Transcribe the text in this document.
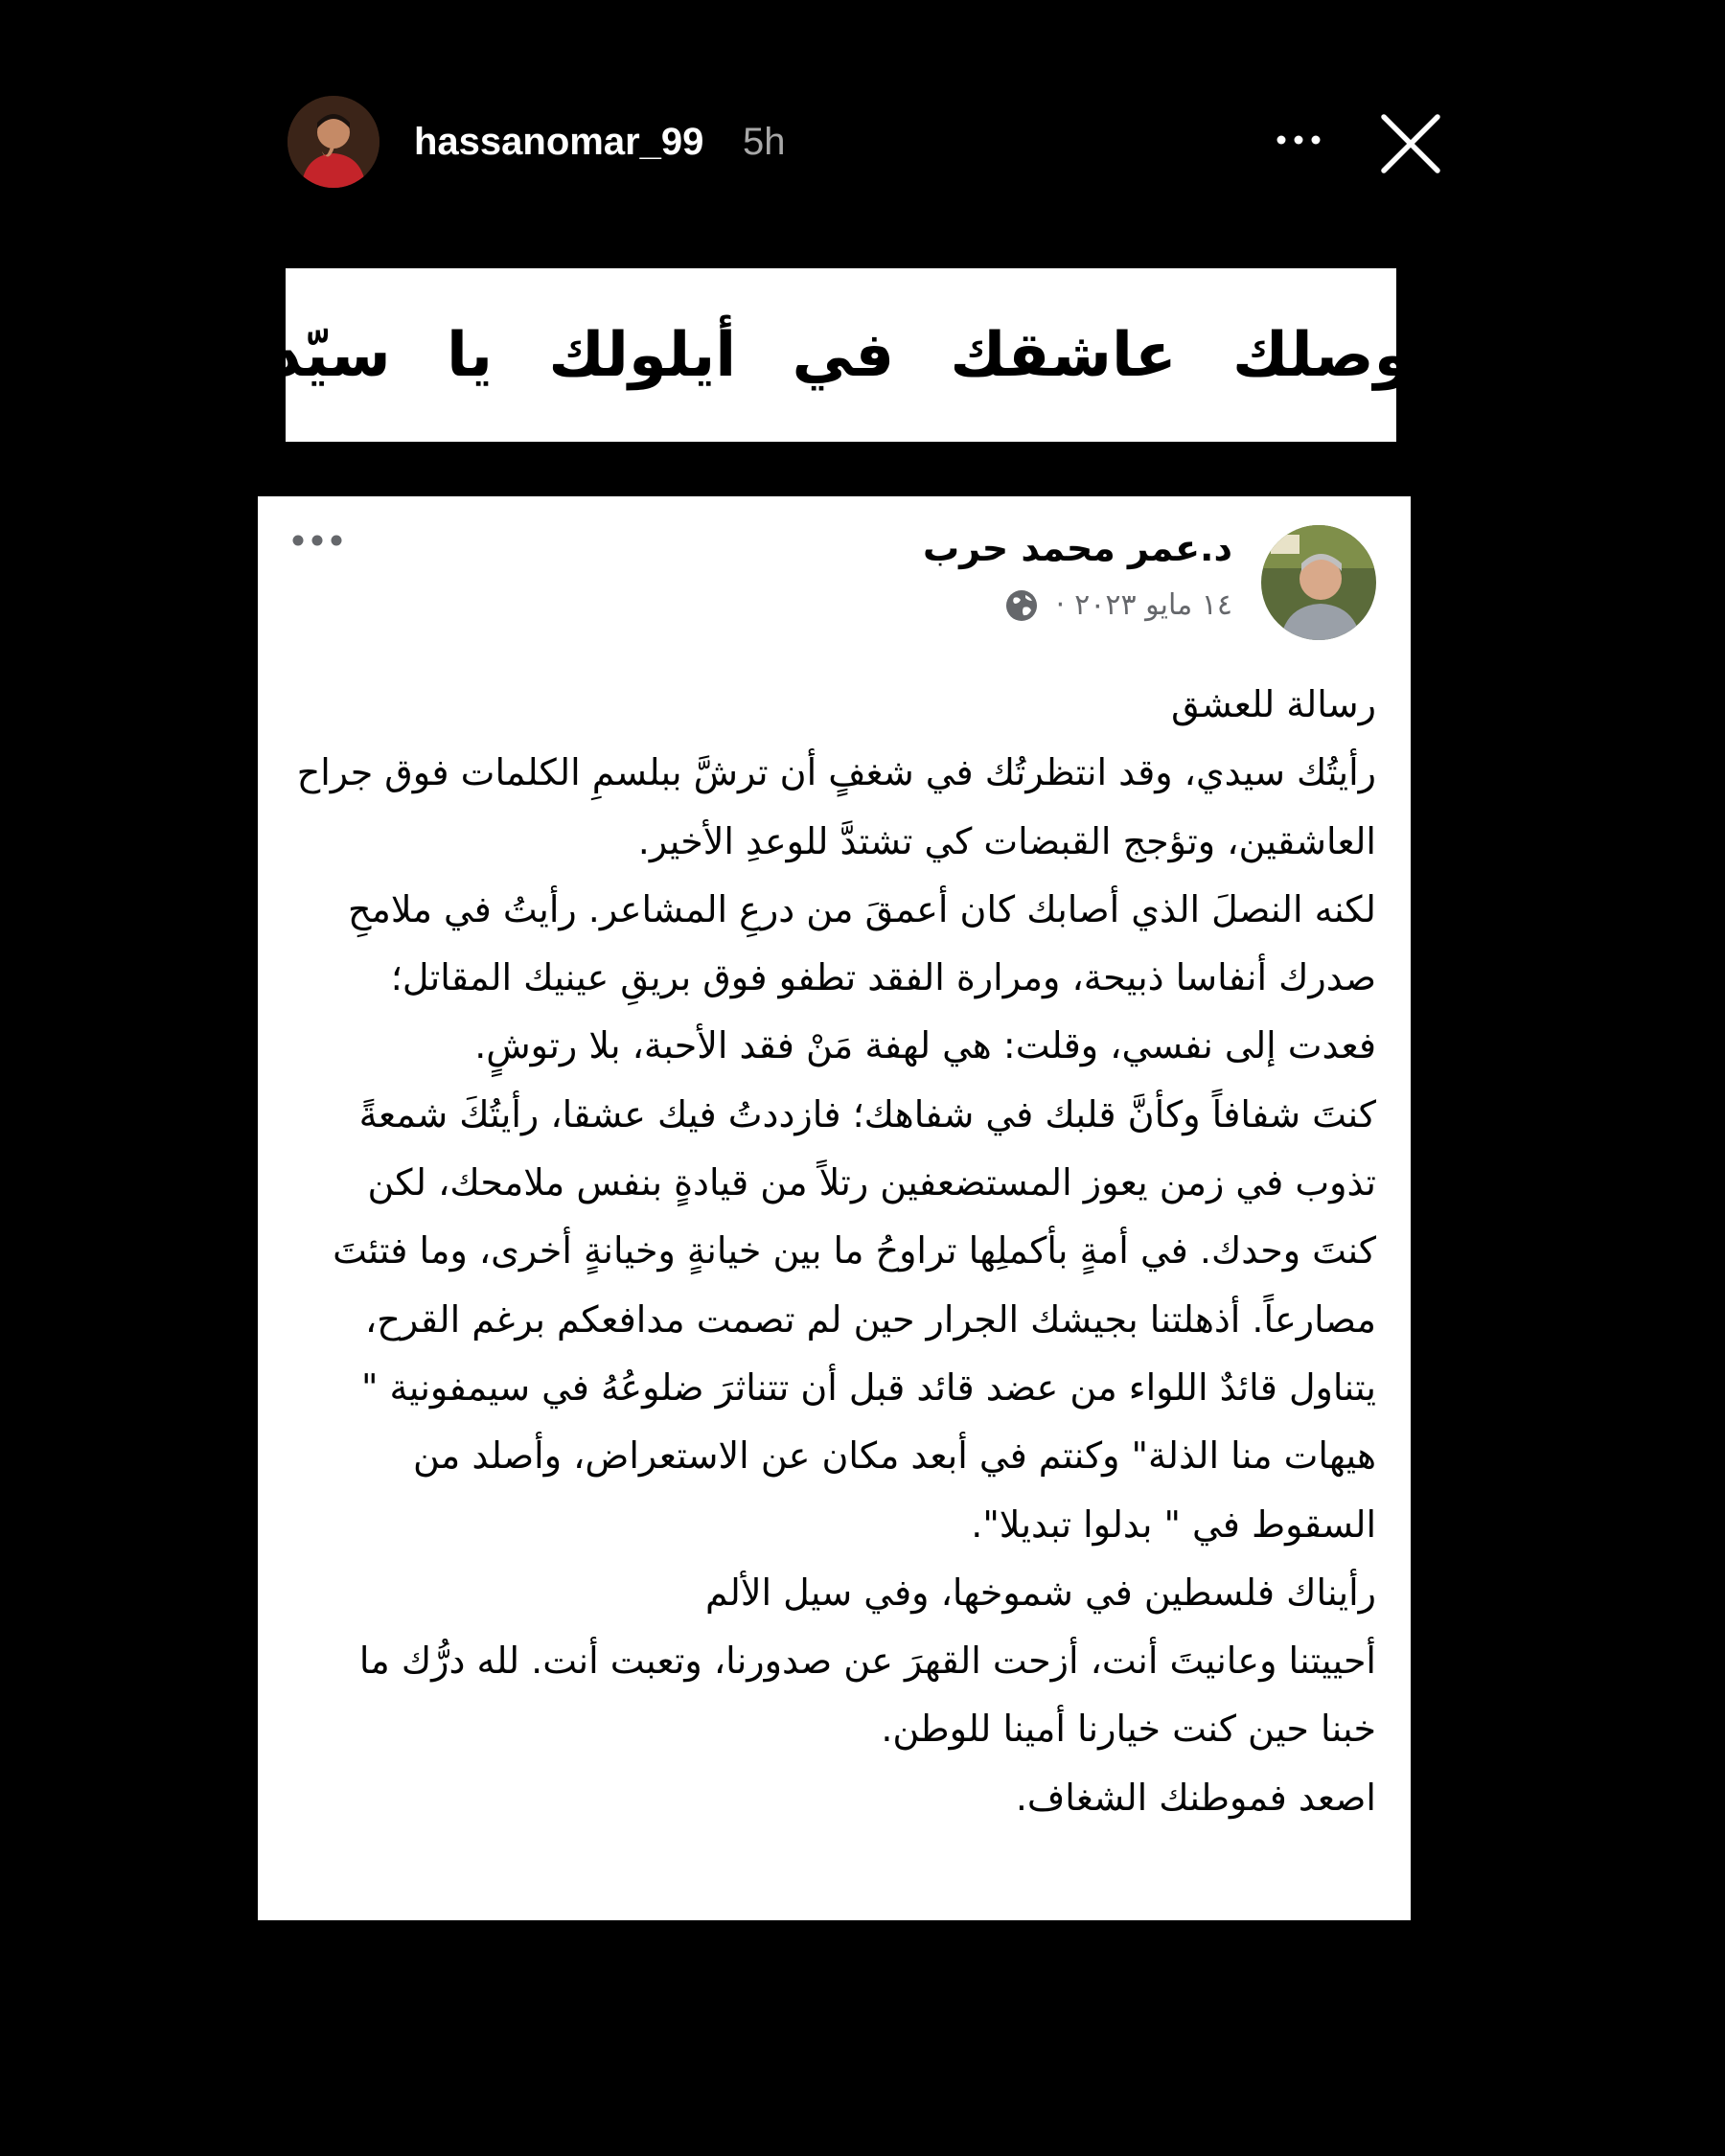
hassanomar_99 5h
وصلك عاشقك في أيلولك يا سيّد
د.عمر محمد حرب
١٤ مايو ٢٠٢٣
·

رسالة للعشق

رأيتُك سيدي، وقد انتظرتُك في شغفٍ أن ترشَّ ببلسمِ الكلمات فوق جراح العاشقين، وتؤجج القبضات كي تشتدَّ للوعدِ الأخير.

لكنه النصلَ الذي أصابك كان أعمقَ من درعِ المشاعر. رأيتُ في ملامحِ صدرك أنفاسا ذبيحة، ومرارة الفقد تطفو فوق بريقِ عينيك المقاتل؛ فعدت إلى نفسي، وقلت: هي لهفة مَنْ فقد الأحبة، بلا رتوشٍ.

كنتَ شفافاً وكأنَّ قلبك في شفاهك؛ فازددتُ فيك عشقا، رأيتُكَ شمعةً تذوب في زمن يعوز المستضعفين رتلاً من قيادةٍ بنفس ملامحك، لكن كنتَ وحدك. في أمةٍ بأكملِها تراوحُ ما بين خيانةٍ وخيانةٍ أخرى، وما فتئتَ مصارعاً. أذهلتنا بجيشك الجرار حين لم تصمت مدافعكم برغم القرح، يتناول قائدٌ اللواء من عضد قائد قبل أن تتناثرَ ضلوعُهُ في سيمفونية " هيهات منا الذلة" وكنتم في أبعد مكان عن الاستعراض، وأصلد من السقوط في " بدلوا تبديلا".

رأيناك فلسطين في شموخها، وفي سيل الألم

أحييتنا وعانيتَ أنت، أزحت القهرَ عن صدورنا، وتعبت أنت. لله درُّك ما خبنا حين كنت خيارنا أمينا للوطن.

اصعد فموطنك الشغاف.
